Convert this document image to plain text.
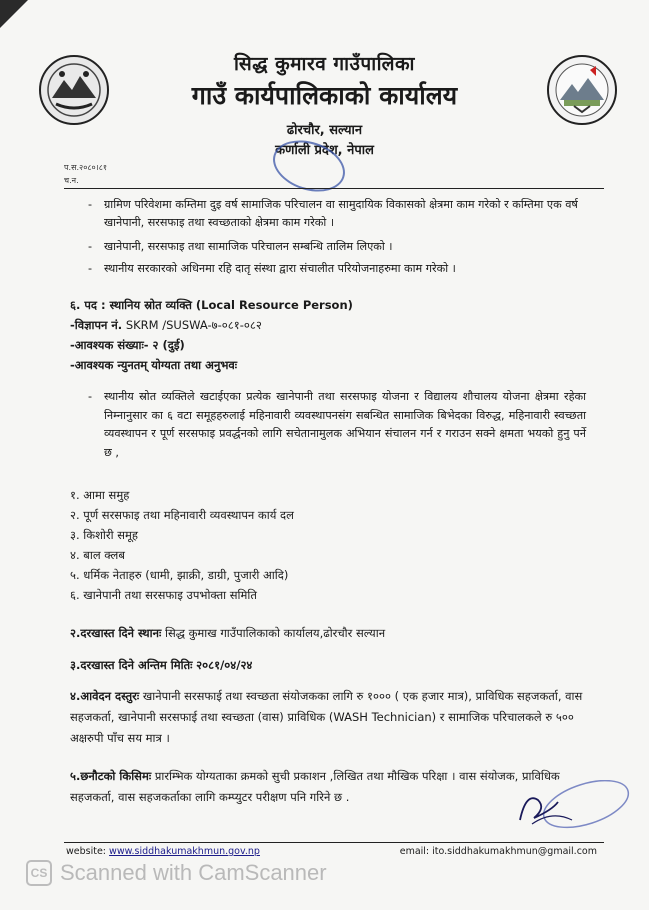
सिद्ध कुमारव गाउँपालिका
गाउँ कार्यपालिकाको कार्यालय
ढोरचौर, सल्यान
कर्णाली प्रदेश, नेपाल
प.स.२०८०।८१
च.न.
- ग्रामिण परिवेशमा कम्तिमा दुइ वर्ष सामाजिक परिचालन वा सामुदायिक विकासको क्षेत्रमा काम गरेको र कम्तिमा एक वर्ष खानेपानी, सरसफाइ तथा स्वच्छताको क्षेत्रमा काम गरेको ।
- खानेपानी, सरसफाइ तथा सामाजिक परिचालन सम्बन्धि तालिम लिएको ।
- स्थानीय सरकारको अधिनमा रहि दातृ संस्था द्वारा संचालीत परियोजनाहरुमा काम गरेको ।
६. पद : स्थानिय स्रोत व्यक्ति (Local Resource Person)
-विज्ञापन नं. SKRM /SUSWA-७-०८१-०८२
-आवश्यक संख्याः- २ (दुई)
-आवश्यक न्युनतम् योग्यता तथा अनुभवः
- स्थानीय स्रोत व्यक्तिले खटाईएका प्रत्येक खानेपानी तथा सरसफाइ योजना र विद्यालय शौचालय योजना क्षेत्रमा रहेका निम्नानुसार का ६ वटा समूहहरुलाई महिनावारी व्यवस्थापनसंग सबन्धित सामाजिक बिभेदका विरुद्ध, महिनावारी स्वच्छता व्यवस्थापन र पूर्ण सरसफाइ प्रवर्द्धनको लागि सचेतानामुलक अभियान संचालन गर्न र गराउन सक्ने क्षमता भयको हुनु पर्ने छ ,
१. आमा समुह
२. पूर्ण सरसफाइ तथा महिनावारी व्यवस्थापन कार्य दल
३. किशोरी समूह
४. बाल क्लब
५. धर्मिक नेताहरु (धामी, झाक्री, डाग्री, पुजारी आदि)
६. खानेपानी तथा सरसफाइ उपभोक्ता समिति
२.दरखास्त दिने स्थानः सिद्ध कुमाख गाउँपालिकाको कार्यालय,ढोरचौर सल्यान
३.दरखास्त दिने अन्तिम मितिः २०८१/०४/२४
४.आवेदन दस्तुरः खानेपानी सरसफाई तथा स्वच्छता संयोजकका लागि रु १००० ( एक हजार मात्र), प्राविधिक सहजकर्ता, वास सहजकर्ता, खानेपानी सरसफाई तथा स्वच्छता (वास) प्राविधिक (WASH Technician) र सामाजिक परिचालकले रु ५०० अक्षरुपी पाँच सय मात्र ।
५.छनौटको किसिमः प्रारम्भिक योग्यताका क्रमको सुची प्रकाशन ,लिखित तथा मौखिक परिक्षा । वास संयोजक, प्राविधिक सहजकर्ता, वास सहजकर्ताका लागि कम्प्युटर परीक्षण पनि गरिने छ .
website: www.siddhakumakhmun.gov.np	email: ito.siddhakumakhmun@gmail.com
CS Scanned with CamScanner
